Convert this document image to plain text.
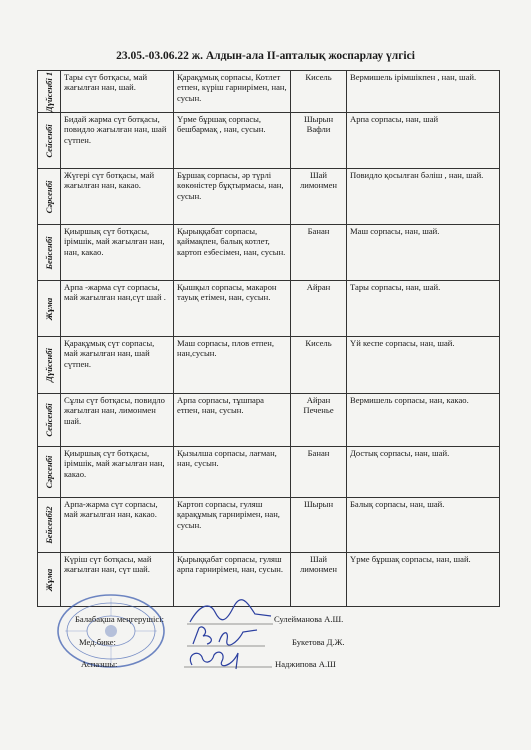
23.05.-03.06.22 ж. Алдын-ала ІІ-апталық жоспарлау үлгісі
Дүйсенбі 1	Тары сүт ботқасы, май жағылған нан, шай.	Қарақұмық сорпасы, Котлет етпен, күріш гарнирімен, нан, сусын.	Кисель	Вермишель ірімшікпен , нан, шай.

Сейсенбі	Бидай жарма сүт ботқасы, повидло жағылған нан, шай сүтпен.	Үрме бұршақ сорпасы, бешбармақ , нан, сусын.	Шырын Вафли	Арпа сорпасы, нан, шай

Сәрсенбі	Жүгері сүт ботқасы, май жағылған нан, какао.	Бұршақ сорпасы, әр түрлі көкөністер бұқтырмасы, нан, сусын.	Шай лимонмен	Повидло қосылған бәліш , нан, шай.

Бейсенбі	Қиыршық сүт ботқасы, ірімшік, май жағылған нан, нан, какао.	Қырыққабат сорпасы, қаймақпен, балық котлет, картоп езбесімен, нан, сусын.	Банан	Маш сорпасы, нан, шай.

Жұма	Арпа -жарма сүт сорпасы, май жағылған нан,сүт шай .	Қышқыл сорпасы, макарон тауық етімен, нан, сусын.	Айран	Тары сорпасы, нан, шай.

Дүйсенбі	Қарақұмық сүт сорпасы, май жағылған нан, шай сүтпен.	Маш сорпасы, плов етпен, нан,сусын.	Кисель	Үй кеспе сорпасы, нан, шай.

Сейсенбі	Сұлы сүт ботқасы, повидло жағылған нан, лимонмен шай.	Арпа сорпасы, тұшпара етпен, нан, сусын.	Айран Печенье	Вермишель сорпасы, нан, какао.

Сәрсенбі	Қиыршық сүт ботқасы, ірімшік, май жағылған нан, какао.	Қызылша сорпасы, лағман, нан, сусын.	Банан	Достық сорпасы, нан, шай.

Бейсенбі2	Арпа-жарма сүт сорпасы, май жағылған нан, какао.	Картоп сорпасы, гуляш қарақұмық гарнирімен, нан, сусын.	Шырын	Балық сорпасы, нан, шай.

Жұма	Күріш сүт ботқасы, май жағылған нан, сүт шай.	Қырыққабат сорпасы, гуляш арпа гарнирімен, нан, сусын.	Шай лимонмен	Үрме бұршақ сорпасы, нан, шай.
Балабақша меңгерушісі:	Сулейманова А.Ш.
Мед.бике:	Букетова Д.Ж.
Аспазшы:	Наджипова А.Ш
